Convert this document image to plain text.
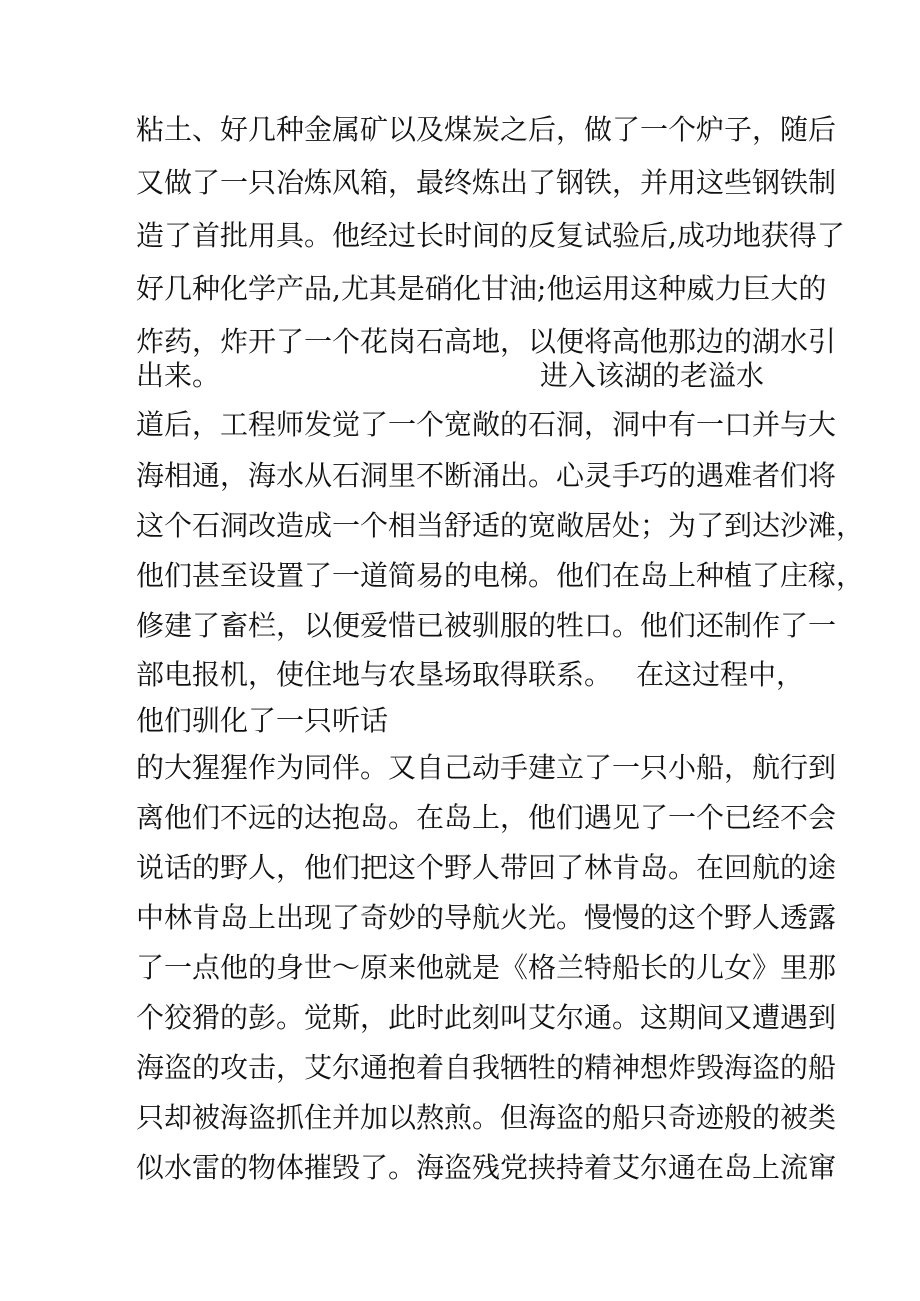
粘土、好几种金属矿以及煤炭之后，做了一个炉子，随后
又做了一只冶炼风箱，最终炼出了钢铁，并用这些钢铁制
造了首批用具。他经过长时间的反复试验后,成功地获得了
好几种化学产品,尤其是硝化甘油;他运用这种威力巨大的
炸药，炸开了一个花岗石高地，以便将高他那边的湖水引
出来。	进入该湖的老溢水
道后，工程师发觉了一个宽敞的石洞，洞中有一口并与大
海相通，海水从石洞里不断涌出。心灵手巧的遇难者们将
这个石洞改造成一个相当舒适的宽敞居处；为了到达沙滩，
他们甚至设置了一道简易的电梯。他们在岛上种植了庄稼，
修建了畜栏，以便爱惜已被驯服的牲口。他们还制作了一
部电报机，使住地与农垦场取得联系。 在这过程中，
他们驯化了一只听话
的大猩猩作为同伴。又自己动手建立了一只小船，航行到
离他们不远的达抱岛。在岛上，他们遇见了一个已经不会
说话的野人，他们把这个野人带回了林肯岛。在回航的途
中林肯岛上出现了奇妙的导航火光。慢慢的这个野人透露
了一点他的身世～原来他就是《格兰特船长的儿女》里那
个狡猾的彭。觉斯，此时此刻叫艾尔通。这期间又遭遇到
海盗的攻击，艾尔通抱着自我牺牲的精神想炸毁海盗的船
只却被海盗抓住并加以熬煎。但海盗的船只奇迹般的被类
似水雷的物体摧毁了。海盗残党挟持着艾尔通在岛上流窜
